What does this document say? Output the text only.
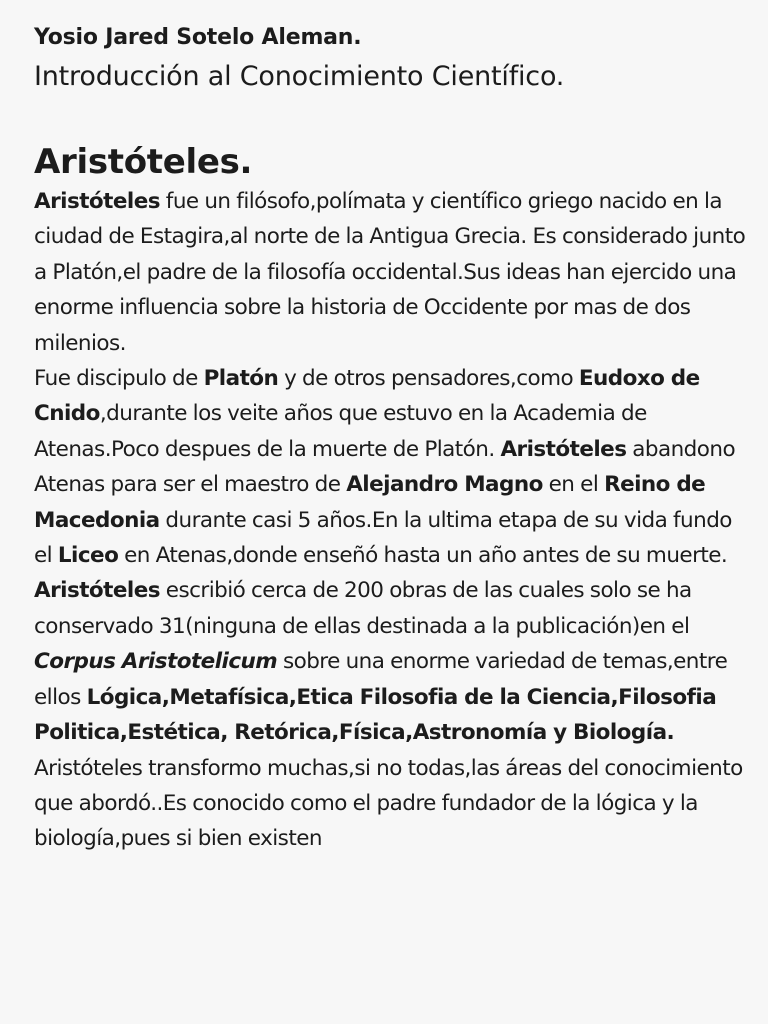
Yosio Jared Sotelo Aleman.
Introducción al Conocimiento Científico.
Aristóteles.

Aristóteles fue un filósofo,polímata y científico griego nacido en la ciudad de Estagira,al norte de la Antigua Grecia. Es considerado junto a Platón,el padre de la filosofía occidental.Sus ideas han ejercido una enorme influencia sobre la historia de Occidente por mas de dos milenios.

Fue discipulo de Platón y de otros pensadores,como Eudoxo de Cnido,durante los veite años que estuvo en la Academia de Atenas.Poco despues de la muerte de Platón. Aristóteles abandono Atenas para ser el maestro de Alejandro Magno en el Reino de Macedonia durante casi 5 años.En la ultima etapa de su vida fundo el Liceo en Atenas,donde enseñó hasta un año antes de su muerte. Aristóteles escribió cerca de 200 obras de las cuales solo se ha conservado 31(ninguna de ellas destinada a la publicación)en el Corpus Aristotelicum sobre una enorme variedad de temas,entre ellos Lógica,Metafísica,Etica Filosofia de la Ciencia,Filosofia Politica,Estética, Retórica,Física,Astronomía y Biología.

Aristóteles transformo muchas,si no todas,las áreas del conocimiento que abordó..Es conocido como el padre fundador de la lógica y la biología,pues si bien existen
